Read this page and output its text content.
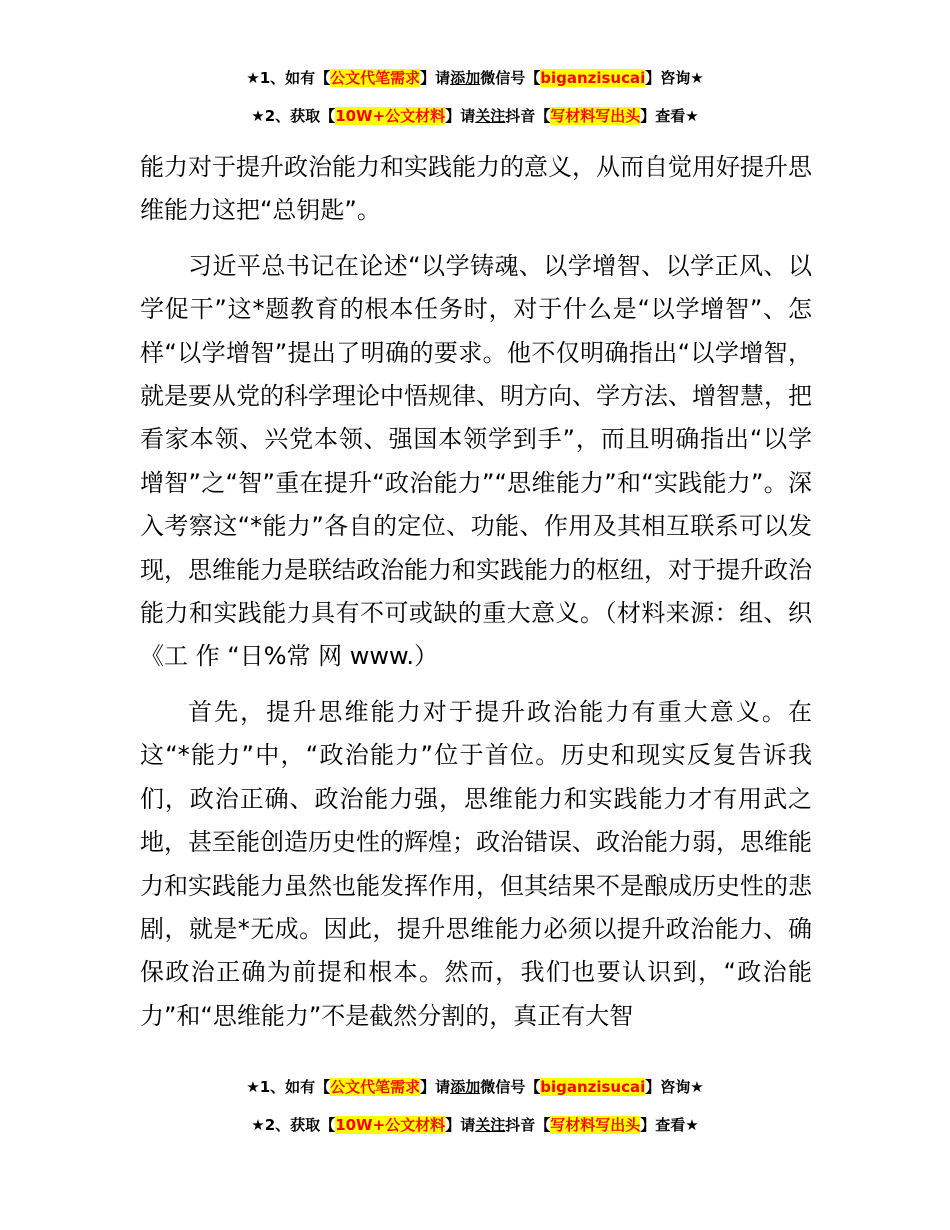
★1、如有【公文代笔需求】请添加微信号【biganzisucai】咨询★
★2、获取【10W+公文材料】请关注抖音【写材料写出头】查看★

能力对于提升政治能力和实践能力的意义，从而自觉用好提升思维能力这把“总钥匙”。

习近平总书记在论述“以学铸魂、以学增智、以学正风、以学促干”这*题教育的根本任务时，对于什么是“以学增智”、怎样“以学增智”提出了明确的要求。他不仅明确指出“以学增智，就是要从党的科学理论中悟规律、明方向、学方法、增智慧，把看家本领、兴党本领、强国本领学到手”，而且明确指出“以学增智”之“智”重在提升“政治能力”“思维能力”和“实践能力”。深入考察这“*能力”各自的定位、功能、作用及其相互联系可以发现，思维能力是联结政治能力和实践能力的枢纽，对于提升政治能力和实践能力具有不可或缺的重大意义。（材料来源：组、织《工 作 “日%常 网 www.）

首先，提升思维能力对于提升政治能力有重大意义。在这“*能力”中，“政治能力”位于首位。历史和现实反复告诉我们，政治正确、政治能力强，思维能力和实践能力才有用武之地，甚至能创造历史性的辉煌；政治错误、政治能力弱，思维能力和实践能力虽然也能发挥作用，但其结果不是酿成历史性的悲剧，就是*无成。因此，提升思维能力必须以提升政治能力、确保政治正确为前提和根本。然而，我们也要认识到，“政治能力”和“思维能力”不是截然分割的，真正有大智

★1、如有【公文代笔需求】请添加微信号【biganzisucai】咨询★
★2、获取【10W+公文材料】请关注抖音【写材料写出头】查看★
